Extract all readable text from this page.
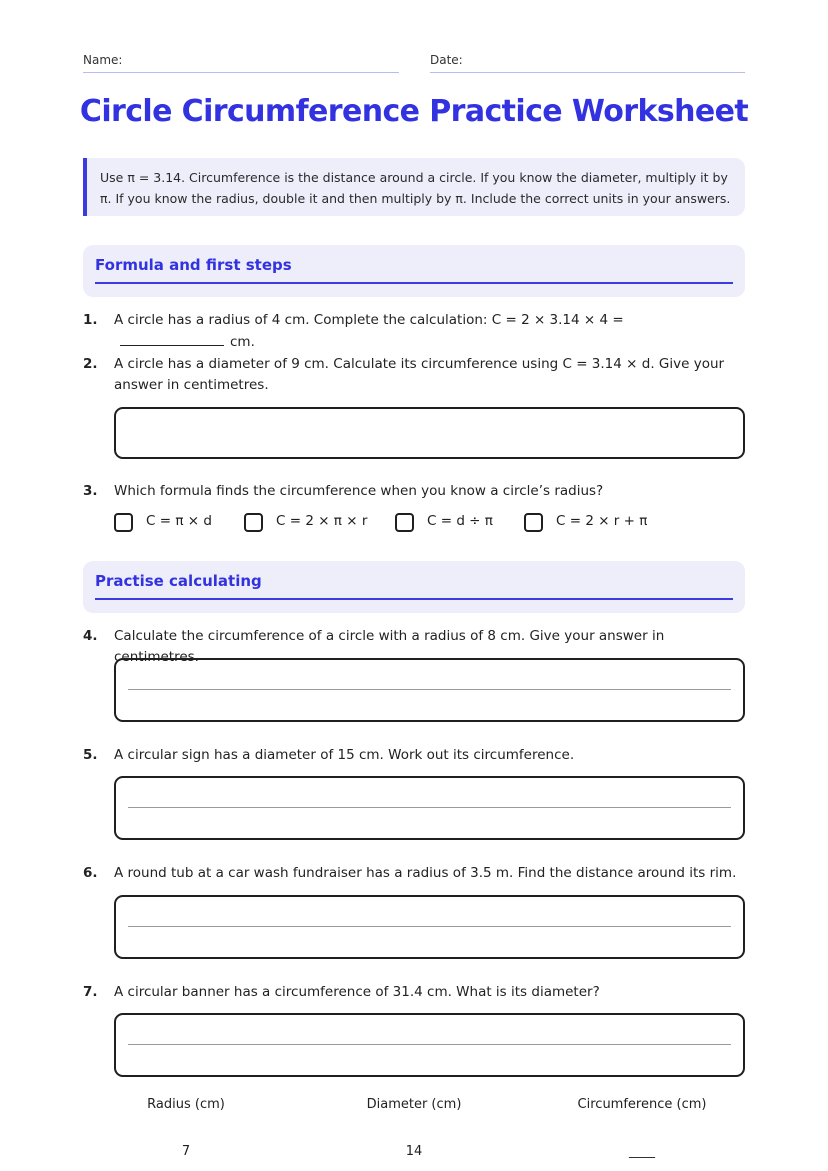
Name:	Date:
Circle Circumference Practice Worksheet
Use π = 3.14. Circumference is the distance around a circle. If you know the diameter, multiply it by π. If you know the radius, double it and then multiply by π. Include the correct units in your answers.
Formula and first steps
1. A circle has a radius of 4 cm. Complete the calculation: C = 2 × 3.14 × 4 =cm.
2. A circle has a diameter of 9 cm. Calculate its circumference using C = 3.14 × d. Give your answer in centimetres.
3. Which formula finds the circumference when you know a circle’s radius?
C = π × d	C = 2 × π × r	C = d ÷ π	C = 2 × r + π
Practise calculating
4. Calculate the circumference of a circle with a radius of 8 cm. Give your answer in centimetres.
5. A circular sign has a diameter of 15 cm. Work out its circumference.
6. A round tub at a car wash fundraiser has a radius of 3.5 m. Find the distance around its rim.
7. A circular banner has a circumference of 31.4 cm. What is its diameter?
Radius (cm)	Diameter (cm)	Circumference (cm)
7	14	____
